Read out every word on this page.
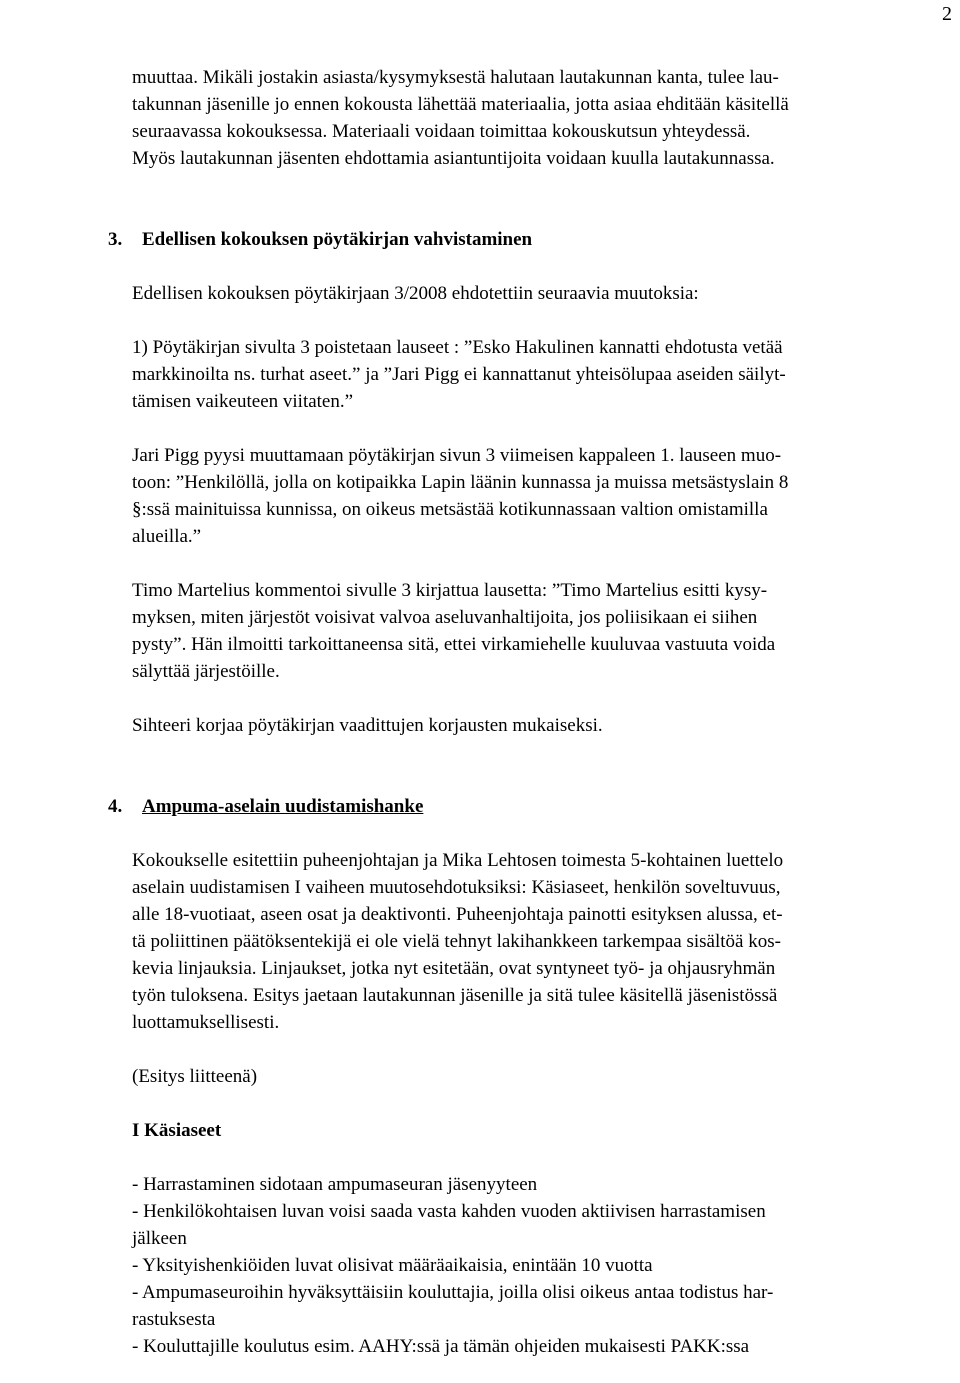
2

muuttaa. Mikäli jostakin asiasta/kysymyksestä halutaan lautakunnan kanta, tulee lau-
takunnan jäsenille jo ennen kokousta lähettää materiaalia, jotta asiaa ehditään käsitellä
seuraavassa kokouksessa. Materiaali voidaan toimittaa kokouskutsun yhteydessä.
Myös lautakunnan jäsenten ehdottamia asiantuntijoita voidaan kuulla lautakunnassa.

3. Edellisen kokouksen pöytäkirjan vahvistaminen

Edellisen kokouksen pöytäkirjaan 3/2008 ehdotettiin seuraavia muutoksia:

1) Pöytäkirjan sivulta 3 poistetaan lauseet : ”Esko Hakulinen kannatti ehdotusta vetää
markkinoilta ns. turhat aseet.” ja ”Jari Pigg ei kannattanut yhteisölupaa aseiden säilyt-
tämisen vaikeuteen viitaten.”

Jari Pigg pyysi muuttamaan pöytäkirjan sivun 3 viimeisen kappaleen 1. lauseen muo-
toon: ”Henkilöllä, jolla on kotipaikka Lapin läänin kunnassa ja muissa metsästyslain 8
§:ssä mainituissa kunnissa, on oikeus metsästää kotikunnassaan valtion omistamilla
alueilla.”

Timo Martelius kommentoi sivulle 3 kirjattua lausetta: ”Timo Martelius esitti kysy-
myksen, miten järjestöt voisivat valvoa aseluvanhaltijoita, jos poliisikaan ei siihen
pysty”. Hän ilmoitti tarkoittaneensa sitä, ettei virkamiehelle kuuluvaa vastuuta voida
sälyttää järjestöille.

Sihteeri korjaa pöytäkirjan vaadittujen korjausten mukaiseksi.

4. Ampuma-aselain uudistamishanke

Kokoukselle esitettiin puheenjohtajan ja Mika Lehtosen toimesta 5-kohtainen luettelo
aselain uudistamisen I vaiheen muutosehdotuksiksi: Käsiaseet, henkilön soveltuvuus,
alle 18-vuotiaat, aseen osat ja deaktivonti. Puheenjohtaja painotti esityksen alussa, et-
tä poliittinen päätöksentekijä ei ole vielä tehnyt lakihankkeen tarkempaa sisältöä kos-
kevia linjauksia. Linjaukset, jotka nyt esitetään, ovat syntyneet työ- ja ohjausryhmän
työn tuloksena. Esitys jaetaan lautakunnan jäsenille ja sitä tulee käsitellä jäsenistössä
luottamuksellisesti.

(Esitys liitteenä)

I Käsiaseet
- Harrastaminen sidotaan ampumaseuran jäsenyyteen
- Henkilökohtaisen luvan voisi saada vasta kahden vuoden aktiivisen harrastamisen
jälkeen
- Yksityishenkiöiden luvat olisivat määräaikaisia, enintään 10 vuotta
- Ampumaseuroihin hyväksyttäisiin kouluttajia, joilla olisi oikeus antaa todistus har-
rastuksesta
- Kouluttajille koulutus esim. AAHY:ssä ja tämän ohjeiden mukaisesti PAKK:ssa
